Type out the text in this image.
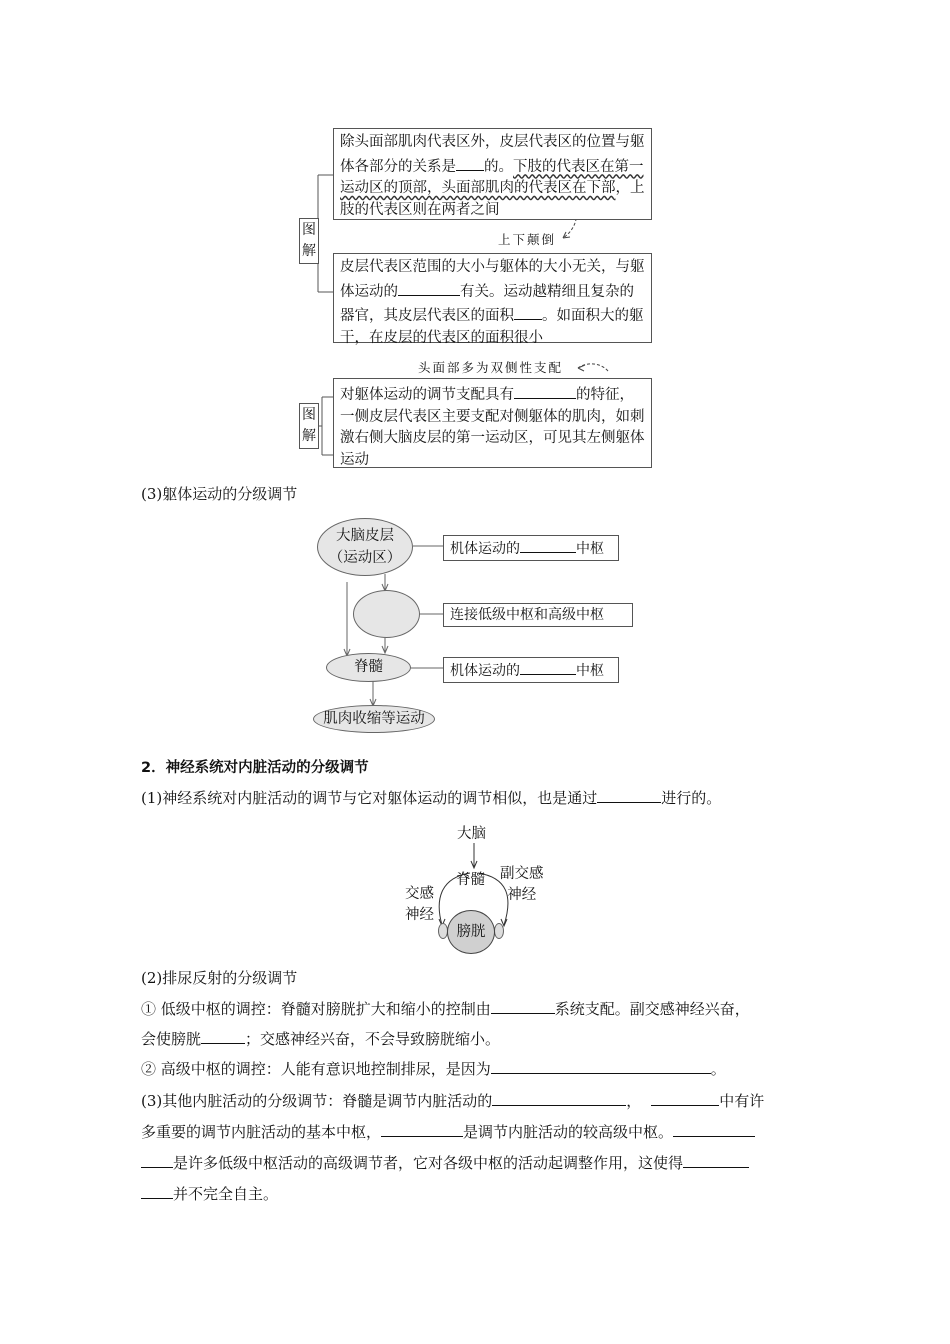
图解
除头面部肌肉代表区外，皮层代表区的位置与躯体各部分的关系是 的。下肢的代表区在第一运动区的顶部，头面部肌肉的代表区在下部，上肢的代表区则在两者之间
上下颠倒
皮层代表区范围的大小与躯体的大小无关，与躯体运动的	有关。运动越精细且复杂的器官，其皮层代表区的面积 。如面积大的躯干，在皮层的代表区的面积很小
头面部多为双侧性支配
图解
对躯体运动的调节支配具有	的特征，一侧皮层代表区主要支配对侧躯体的肌肉，如刺激右侧大脑皮层的第一运动区，可见其左侧躯体运动
(3)躯体运动的分级调节
大脑皮层
（运动区）
脊髓
肌肉收缩等运动
机体运动的	中枢
连接低级中枢和高级中枢
机体运动的	中枢
2．神经系统对内脏活动的分级调节
(1)神经系统对内脏活动的调节与它对躯体运动的调节相似，也是通过	进行的。
大脑
脊髓
交感
神经
副交感
神经
膀胱
(2)排尿反射的分级调节
① 低级中枢的调控：脊髓对膀胱扩大和缩小的控制由	系统支配。副交感神经兴奋，
会使膀胱	；交感神经兴奋，不会导致膀胱缩小。
② 高级中枢的调控：人能有意识地控制排尿，是因为	。
(3)其他内脏活动的分级调节：脊髓是调节内脏活动的	，	中有许
多重要的调节内脏活动的基本中枢，	是调节内脏活动的较高级中枢。
是许多低级中枢活动的高级调节者，它对各级中枢的活动起调整作用，这使得
并不完全自主。
